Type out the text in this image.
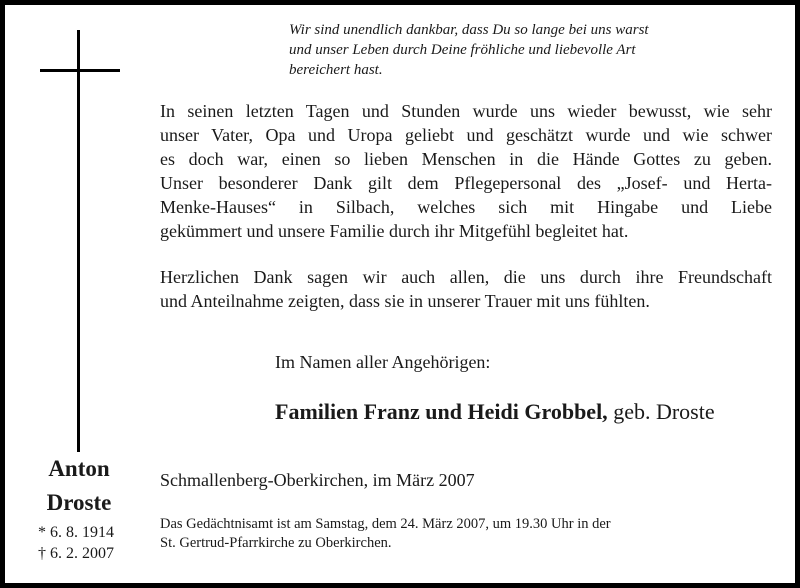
Anton
Droste
* 6. 8. 1914
† 6. 2. 2007
Wir sind unendlich dankbar, dass Du so lange bei uns warst
und unser Leben durch Deine fröhliche und liebevolle Art
bereichert hast.
In seinen letzten Tagen und Stunden wurde uns wieder bewusst, wie sehr
unser Vater, Opa und Uropa geliebt und geschätzt wurde und wie schwer
es doch war, einen so lieben Menschen in die Hände Gottes zu geben.
Unser besonderer Dank gilt dem Pflegepersonal des „Josef- und Herta-
Menke-Hauses“ in Silbach, welches sich mit Hingabe und Liebe
gekümmert und unsere Familie durch ihr Mitgefühl begleitet hat.
Herzlichen Dank sagen wir auch allen, die uns durch ihre Freundschaft
und Anteilnahme zeigten, dass sie in unserer Trauer mit uns fühlten.
Im Namen aller Angehörigen:
Familien Franz und Heidi Grobbel, geb. Droste
Schmallenberg-Oberkirchen, im März 2007
Das Gedächtnisamt ist am Samstag, dem 24. März 2007, um 19.30 Uhr in der
St. Gertrud-Pfarrkirche zu Oberkirchen.
